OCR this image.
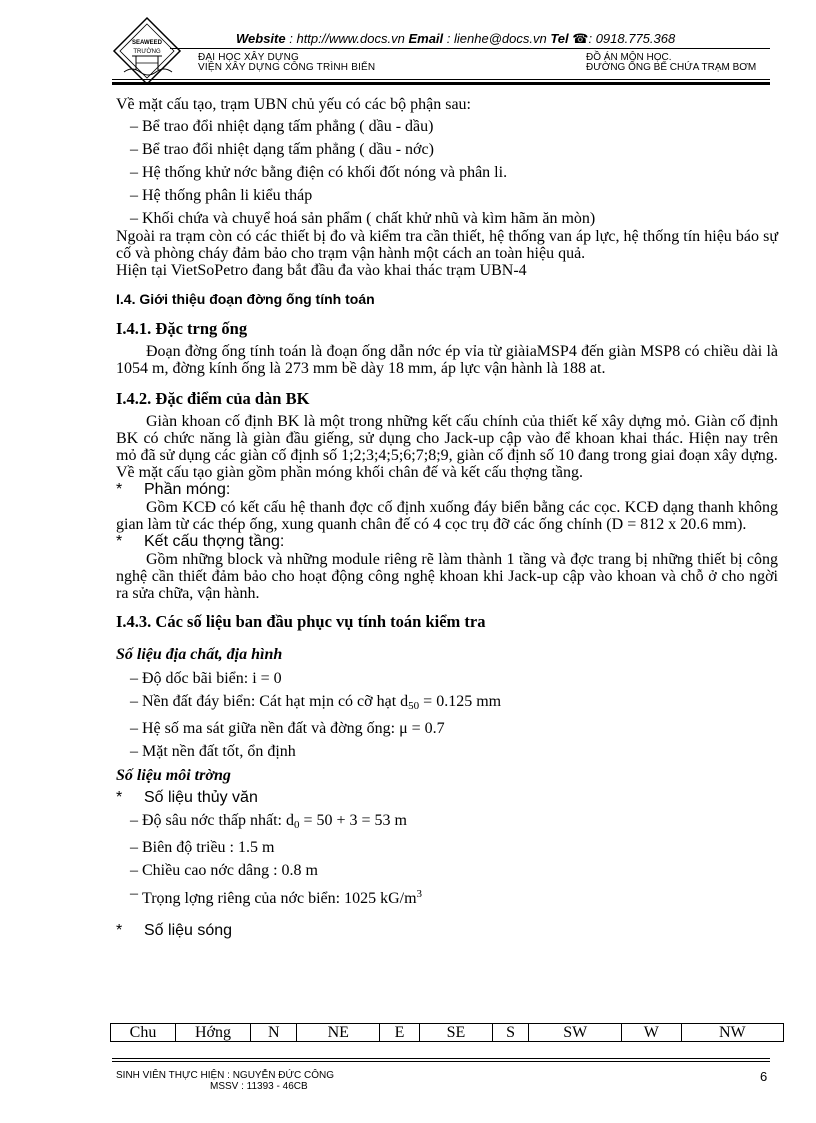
SEAWEED
TRƯỜNG
Website : http://www.docs.vn Email : lienhe@docs.vn Tel ☎: 0918.775.368
ĐẠI HỌC XÂY DỰNG
VIỆN XÂY DỰNG CÔNG TRÌNH BIỂN
ĐỒ ÁN MÔN HỌC.
ĐƯỜNG ỐNG BỂ CHỨA TRẠM BƠM

Về mặt cấu tạo, trạm UBN chủ yếu có các bộ phận sau:

– Bể trao đổi nhiệt dạng tấm phẳng ( dầu - dầu)
– Bể trao đổi nhiệt dạng tấm phẳng ( dầu - nớc)
– Hệ thống khử nớc bằng điện có khối đốt nóng và phân li.
– Hệ thống phân li kiểu tháp
– Khối chứa và chuyể hoá sản phẩm ( chất khử nhũ và kìm hãm ăn mòn)

Ngoài ra trạm còn có các thiết bị đo và kiểm tra cần thiết, hệ thống van áp lực, hệ thống tín hiệu báo sự cố và phòng cháy đảm bảo cho trạm vận hành một cách an toàn hiệu quả.

Hiện tại VietSoPetro đang bắt đầu đa vào khai thác trạm UBN-4

I.4. Giới thiệu đoạn đờng ống tính toán
I.4.1. Đặc trng ống

Đoạn đờng ống tính toán là đoạn ống dẫn nớc ép vỉa từ giàiaMSP4 đến giàn MSP8 có chiều dài là 1054 m, đờng kính ống là 273 mm bề dày 18 mm, áp lực vận hành là 188 at.

I.4.2. Đặc điểm của dàn BK

Giàn khoan cố định BK là một trong những kết cấu chính của thiết kế xây dựng mỏ. Giàn cố định BK có chức năng là giàn đầu giếng, sử dụng cho Jack-up cập vào để khoan khai thác. Hiện nay trên mỏ đã sử dụng các giàn cố định số 1;2;3;4;5;6;7;8;9, giàn cố định số 10 đang trong giai đoạn xây dựng.

Về mặt cấu tạo giàn gồm phần móng khối chân đế và kết cấu thợng tầng.

* Phần móng:

Gồm KCĐ có kết cấu hệ thanh đợc cố định xuống đáy biển bằng các cọc. KCĐ dạng thanh không gian làm từ các thép ống, xung quanh chân đế có 4 cọc trụ đỡ các ống chính (D = 812 x 20.6 mm).

* Kết cấu thợng tầng:

Gồm những block và những module riêng rẽ làm thành 1 tầng và đợc trang bị những thiết bị công nghệ cần thiết đảm bảo cho hoạt động công nghệ khoan khi Jack-up cập vào khoan và chỗ ở cho ngời ra sửa chữa, vận hành.

I.4.3. Các số liệu ban đầu phục vụ tính toán kiểm tra
Số liệu địa chất, địa hình
– Độ dốc bãi biển: i = 0
– Nền đất đáy biển: Cát hạt mịn có cỡ hạt $d_{50} = 0.125$ mm
– Hệ số ma sát giữa nền đất và đờng ống: μ = 0.7
– Mặt nền đất tốt, ổn định
Số liệu môi trờng

* Số liệu thủy văn

– Độ sâu nớc thấp nhất: $d_0 = 50 + 3 = 53$ m
– Biên độ triều : 1.5 m
– Chiều cao nớc dâng : 0.8 m
– Trọng lợng riêng của nớc biển: 1025 $kG/m^3$

* Số liệu sóng

Chu	Hớng	N	NE	E	SE	S	SW	W	NW
SINH VIÊN THỰC HIỆN : NGUYỄN ĐỨC CÔNG
MSSV : 11393 - 46CB
6
